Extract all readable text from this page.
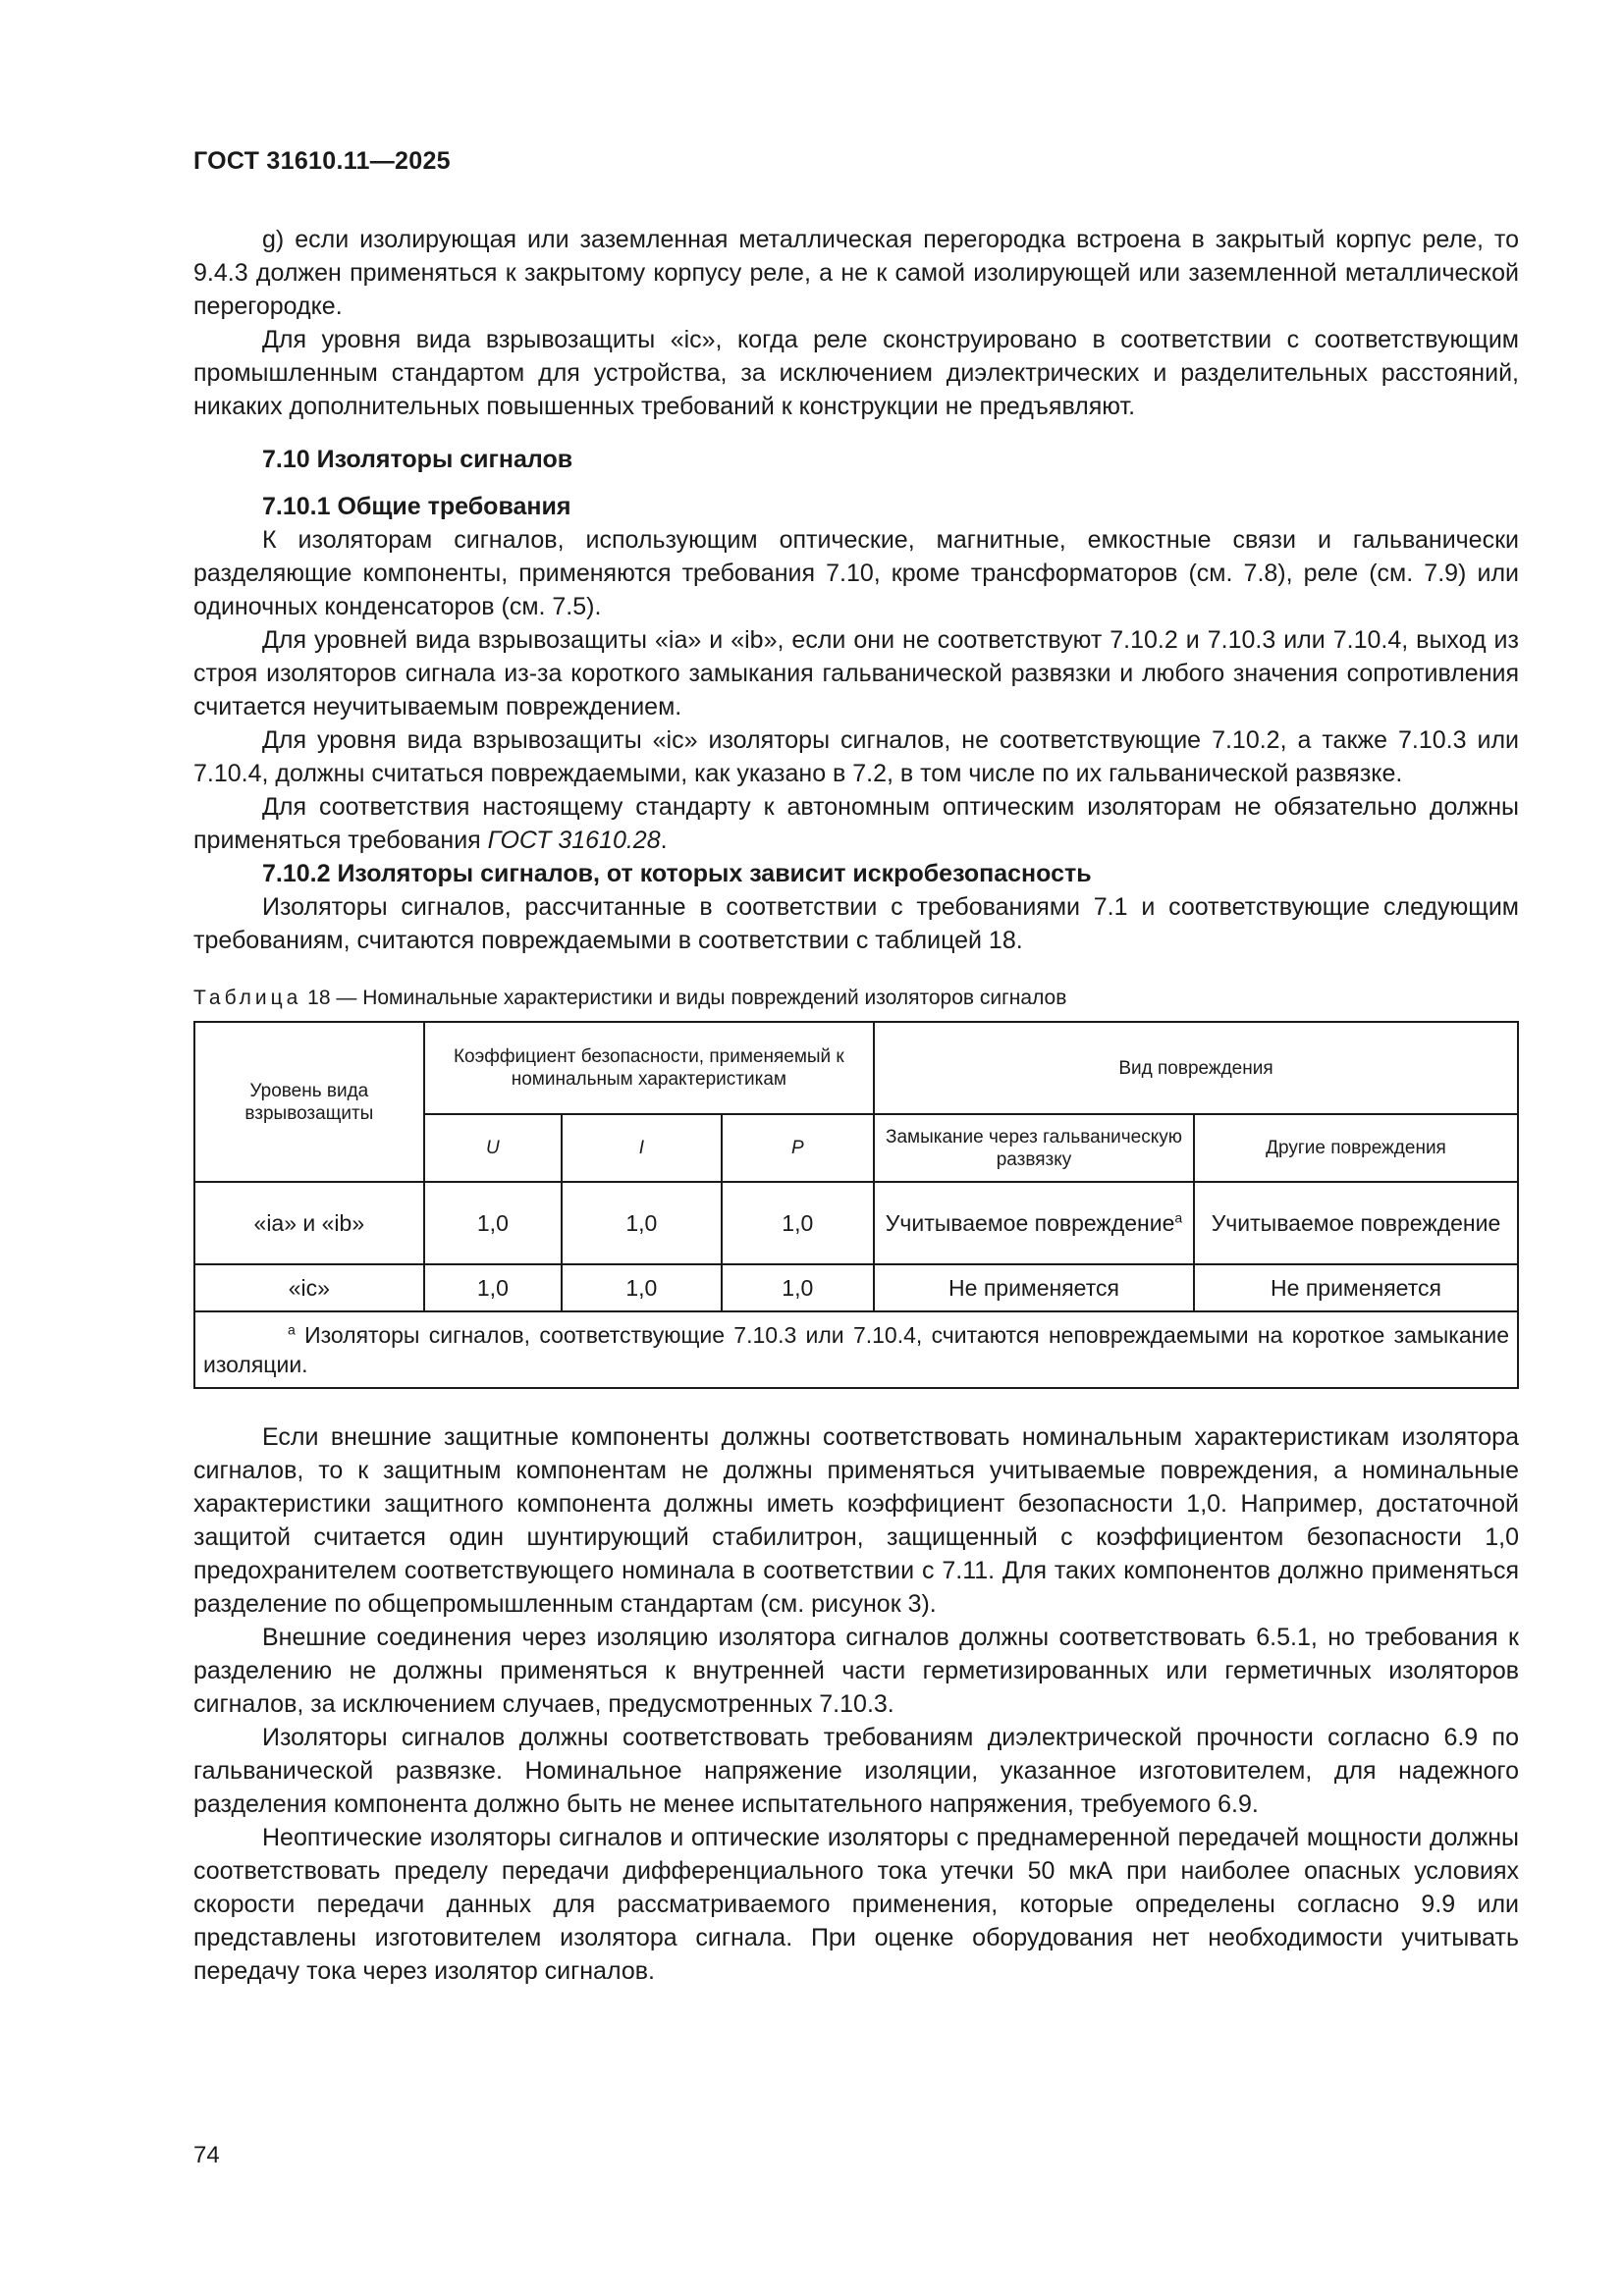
ГОСТ 31610.11—2025

g) если изолирующая или заземленная металлическая перегородка встроена в закрытый корпус реле, то 9.4.3 должен применяться к закрытому корпусу реле, а не к самой изолирующей или заземленной металлической перегородке.

Для уровня вида взрывозащиты «ic», когда реле сконструировано в соответствии с соответствующим промышленным стандартом для устройства, за исключением диэлектрических и разделительных расстояний, никаких дополнительных повышенных требований к конструкции не предъявляют.

7.10 Изоляторы сигналов

7.10.1 Общие требования

К изоляторам сигналов, использующим оптические, магнитные, емкостные связи и гальванически разделяющие компоненты, применяются требования 7.10, кроме трансформаторов (см. 7.8), реле (см. 7.9) или одиночных конденсаторов (см. 7.5).

Для уровней вида взрывозащиты «ia» и «ib», если они не соответствуют 7.10.2 и 7.10.3 или 7.10.4, выход из строя изоляторов сигнала из-за короткого замыкания гальванической развязки и любого значения сопротивления считается неучитываемым повреждением.

Для уровня вида взрывозащиты «ic» изоляторы сигналов, не соответствующие 7.10.2, а также 7.10.3 или 7.10.4, должны считаться повреждаемыми, как указано в 7.2, в том числе по их гальванической развязке.

Для соответствия настоящему стандарту к автономным оптическим изоляторам не обязательно должны применяться требования ГОСТ 31610.28.

7.10.2 Изоляторы сигналов, от которых зависит искробезопасность

Изоляторы сигналов, рассчитанные в соответствии с требованиями 7.1 и соответствующие следующим требованиям, считаются повреждаемыми в соответствии с таблицей 18.

Таблица 18 — Номинальные характеристики и виды повреждений изоляторов сигналов

Уровень вида взрывозащиты	Коэффициент безопасности, применяемый к номинальным характеристикам			Вид повреждения	
	U	I	P	Замыкание через гальваническую развязку	Другие повреждения
«ia» и «ib»	1,0	1,0	1,0	Учитываемое повреждение$^a$	Учитываемое повреждение
«ic»	1,0	1,0	1,0	Не применяется	Не применяется
$^a$ Изоляторы сигналов, соответствующие 7.10.3 или 7.10.4, считаются неповреждаемыми на короткое замыкание изоляции.					

Если внешние защитные компоненты должны соответствовать номинальным характеристикам изолятора сигналов, то к защитным компонентам не должны применяться учитываемые повреждения, а номинальные характеристики защитного компонента должны иметь коэффициент безопасности 1,0. Например, достаточной защитой считается один шунтирующий стабилитрон, защищенный с коэффициентом безопасности 1,0 предохранителем соответствующего номинала в соответствии с 7.11. Для таких компонентов должно применяться разделение по общепромышленным стандартам (см. рисунок 3).

Внешние соединения через изоляцию изолятора сигналов должны соответствовать 6.5.1, но требования к разделению не должны применяться к внутренней части герметизированных или герметичных изоляторов сигналов, за исключением случаев, предусмотренных 7.10.3.

Изоляторы сигналов должны соответствовать требованиям диэлектрической прочности согласно 6.9 по гальванической развязке. Номинальное напряжение изоляции, указанное изготовителем, для надежного разделения компонента должно быть не менее испытательного напряжения, требуемого 6.9.

Неоптические изоляторы сигналов и оптические изоляторы с преднамеренной передачей мощности должны соответствовать пределу передачи дифференциального тока утечки 50 мкА при наиболее опасных условиях скорости передачи данных для рассматриваемого применения, которые определены согласно 9.9 или представлены изготовителем изолятора сигнала. При оценке оборудования нет необходимости учитывать передачу тока через изолятор сигналов.

74
